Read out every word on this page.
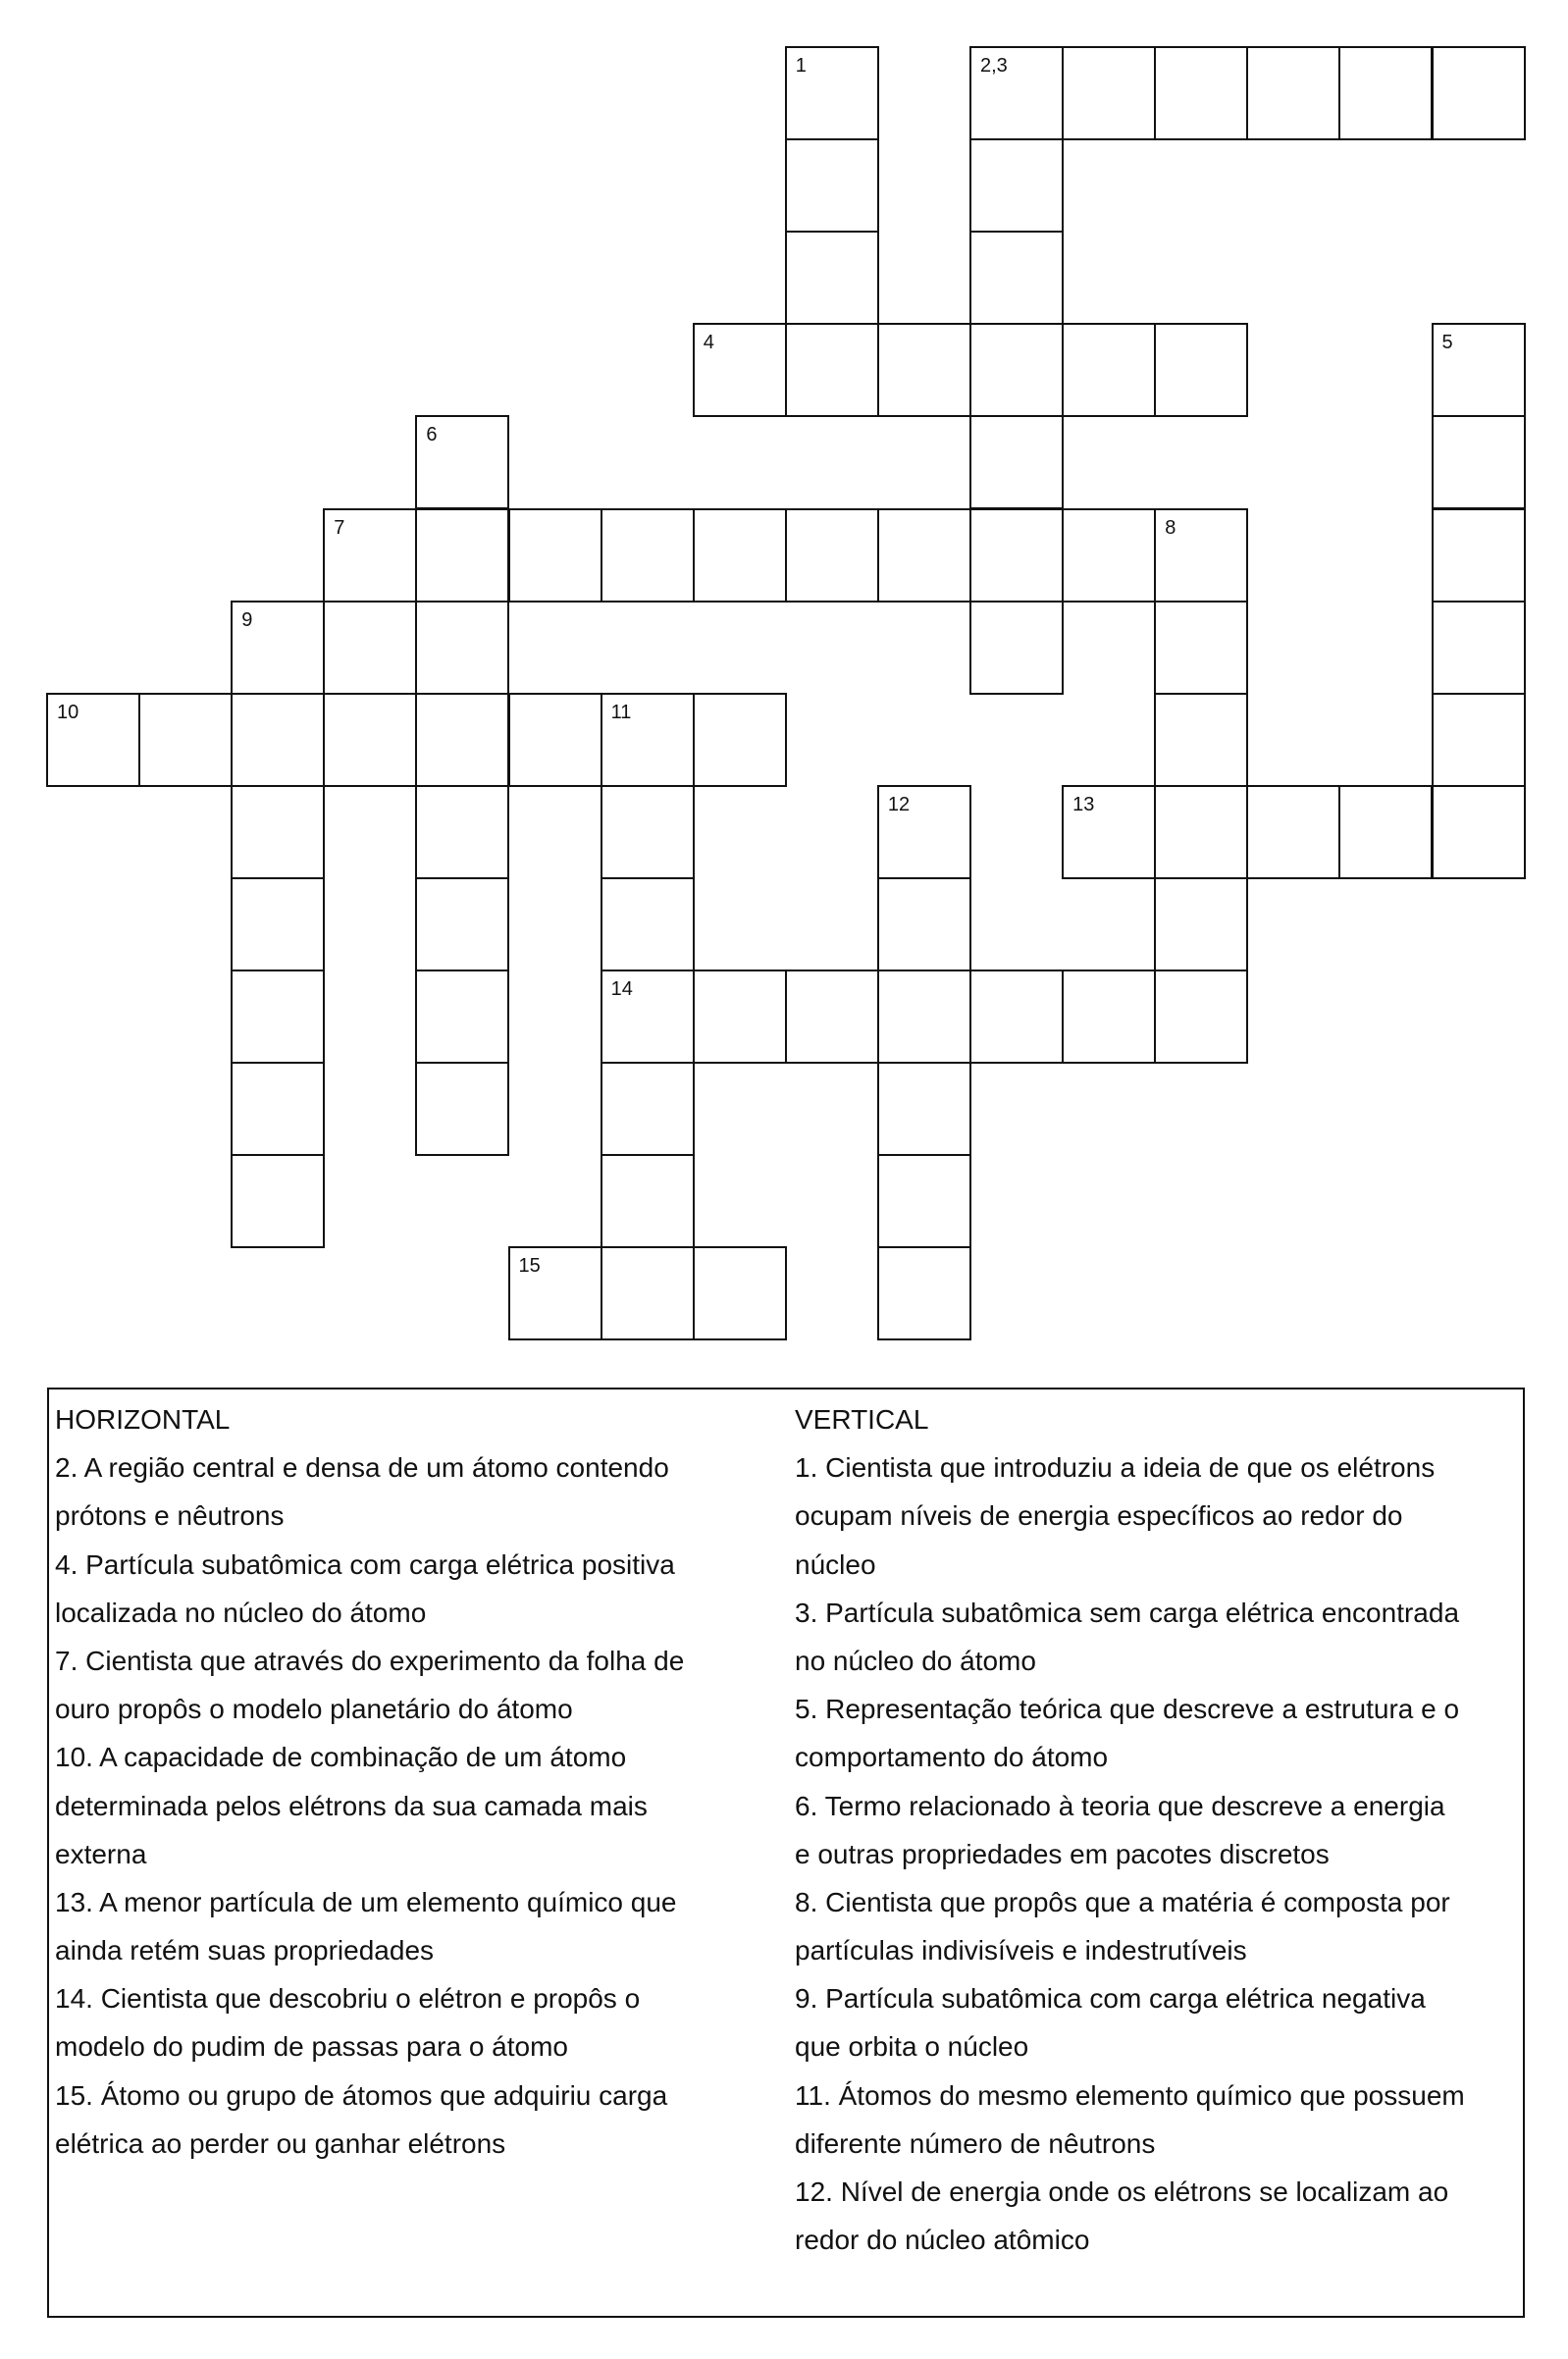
1	2,3
4	5
6
7	8
9
10	11
12	13
14
15
HORIZONTAL
2. A região central e densa de um átomo contendo
prótons e nêutrons
4. Partícula subatômica com carga elétrica positiva
localizada no núcleo do átomo
7. Cientista que através do experimento da folha de
ouro propôs o modelo planetário do átomo
10. A capacidade de combinação de um átomo
determinada pelos elétrons da sua camada mais
externa
13. A menor partícula de um elemento químico que
ainda retém suas propriedades
14. Cientista que descobriu o elétron e propôs o
modelo do pudim de passas para o átomo
15. Átomo ou grupo de átomos que adquiriu carga
elétrica ao perder ou ganhar elétrons
VERTICAL
1. Cientista que introduziu a ideia de que os elétrons
ocupam níveis de energia específicos ao redor do
núcleo
3. Partícula subatômica sem carga elétrica encontrada
no núcleo do átomo
5. Representação teórica que descreve a estrutura e o
comportamento do átomo
6. Termo relacionado à teoria que descreve a energia
e outras propriedades em pacotes discretos
8. Cientista que propôs que a matéria é composta por
partículas indivisíveis e indestrutíveis
9. Partícula subatômica com carga elétrica negativa
que orbita o núcleo
11. Átomos do mesmo elemento químico que possuem
diferente número de nêutrons
12. Nível de energia onde os elétrons se localizam ao
redor do núcleo atômico
